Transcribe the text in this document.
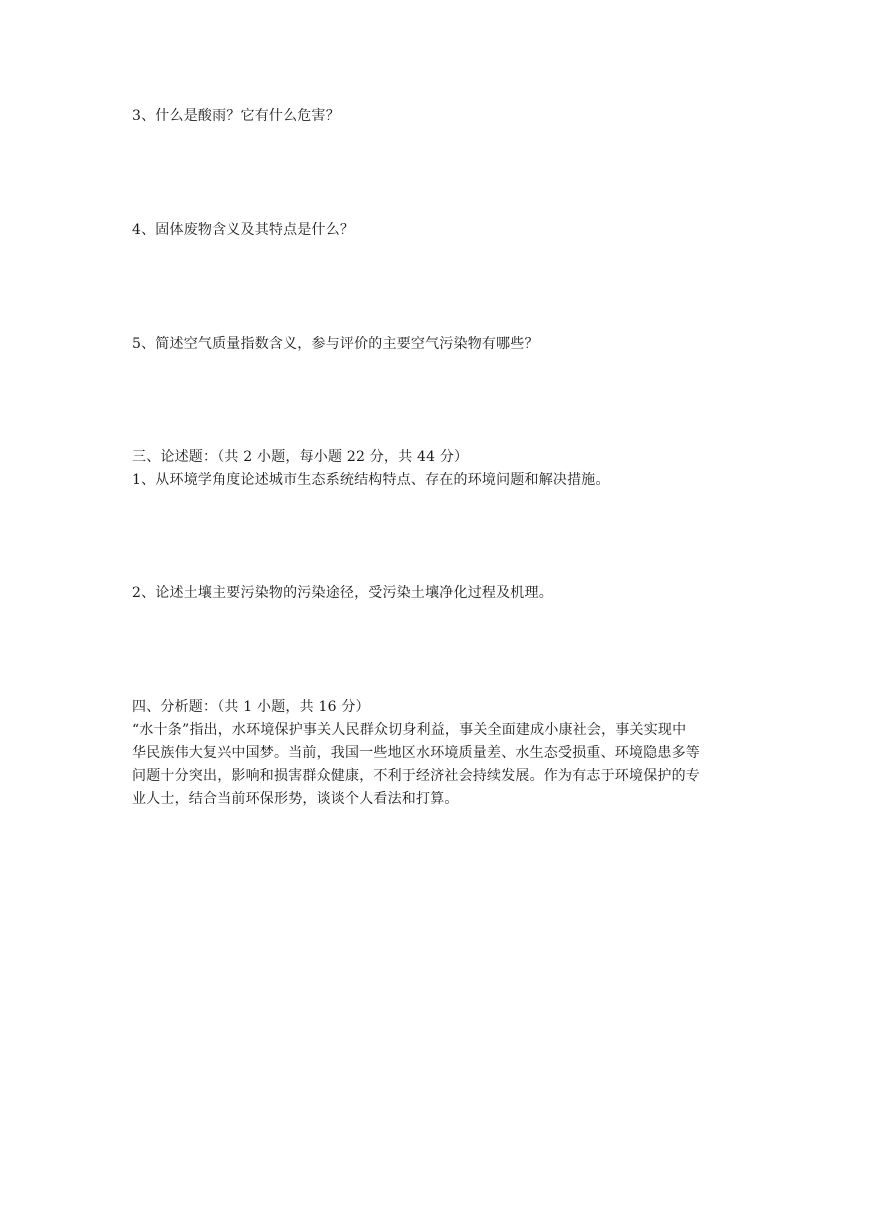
3、什么是酸雨？它有什么危害？
4、固体废物含义及其特点是什么？
5、简述空气质量指数含义，参与评价的主要空气污染物有哪些？
三、论述题：（共 2 小题，每小题 22 分，共 44 分）
1、从环境学角度论述城市生态系统结构特点、存在的环境问题和解决措施。
2、论述土壤主要污染物的污染途径，受污染土壤净化过程及机理。
四、分析题：（共 1 小题，共 16 分）
“水十条”指出，水环境保护事关人民群众切身利益，事关全面建成小康社会，事关实现中
华民族伟大复兴中国梦。当前，我国一些地区水环境质量差、水生态受损重、环境隐患多等
问题十分突出，影响和损害群众健康，不利于经济社会持续发展。作为有志于环境保护的专
业人士，结合当前环保形势，谈谈个人看法和打算。
